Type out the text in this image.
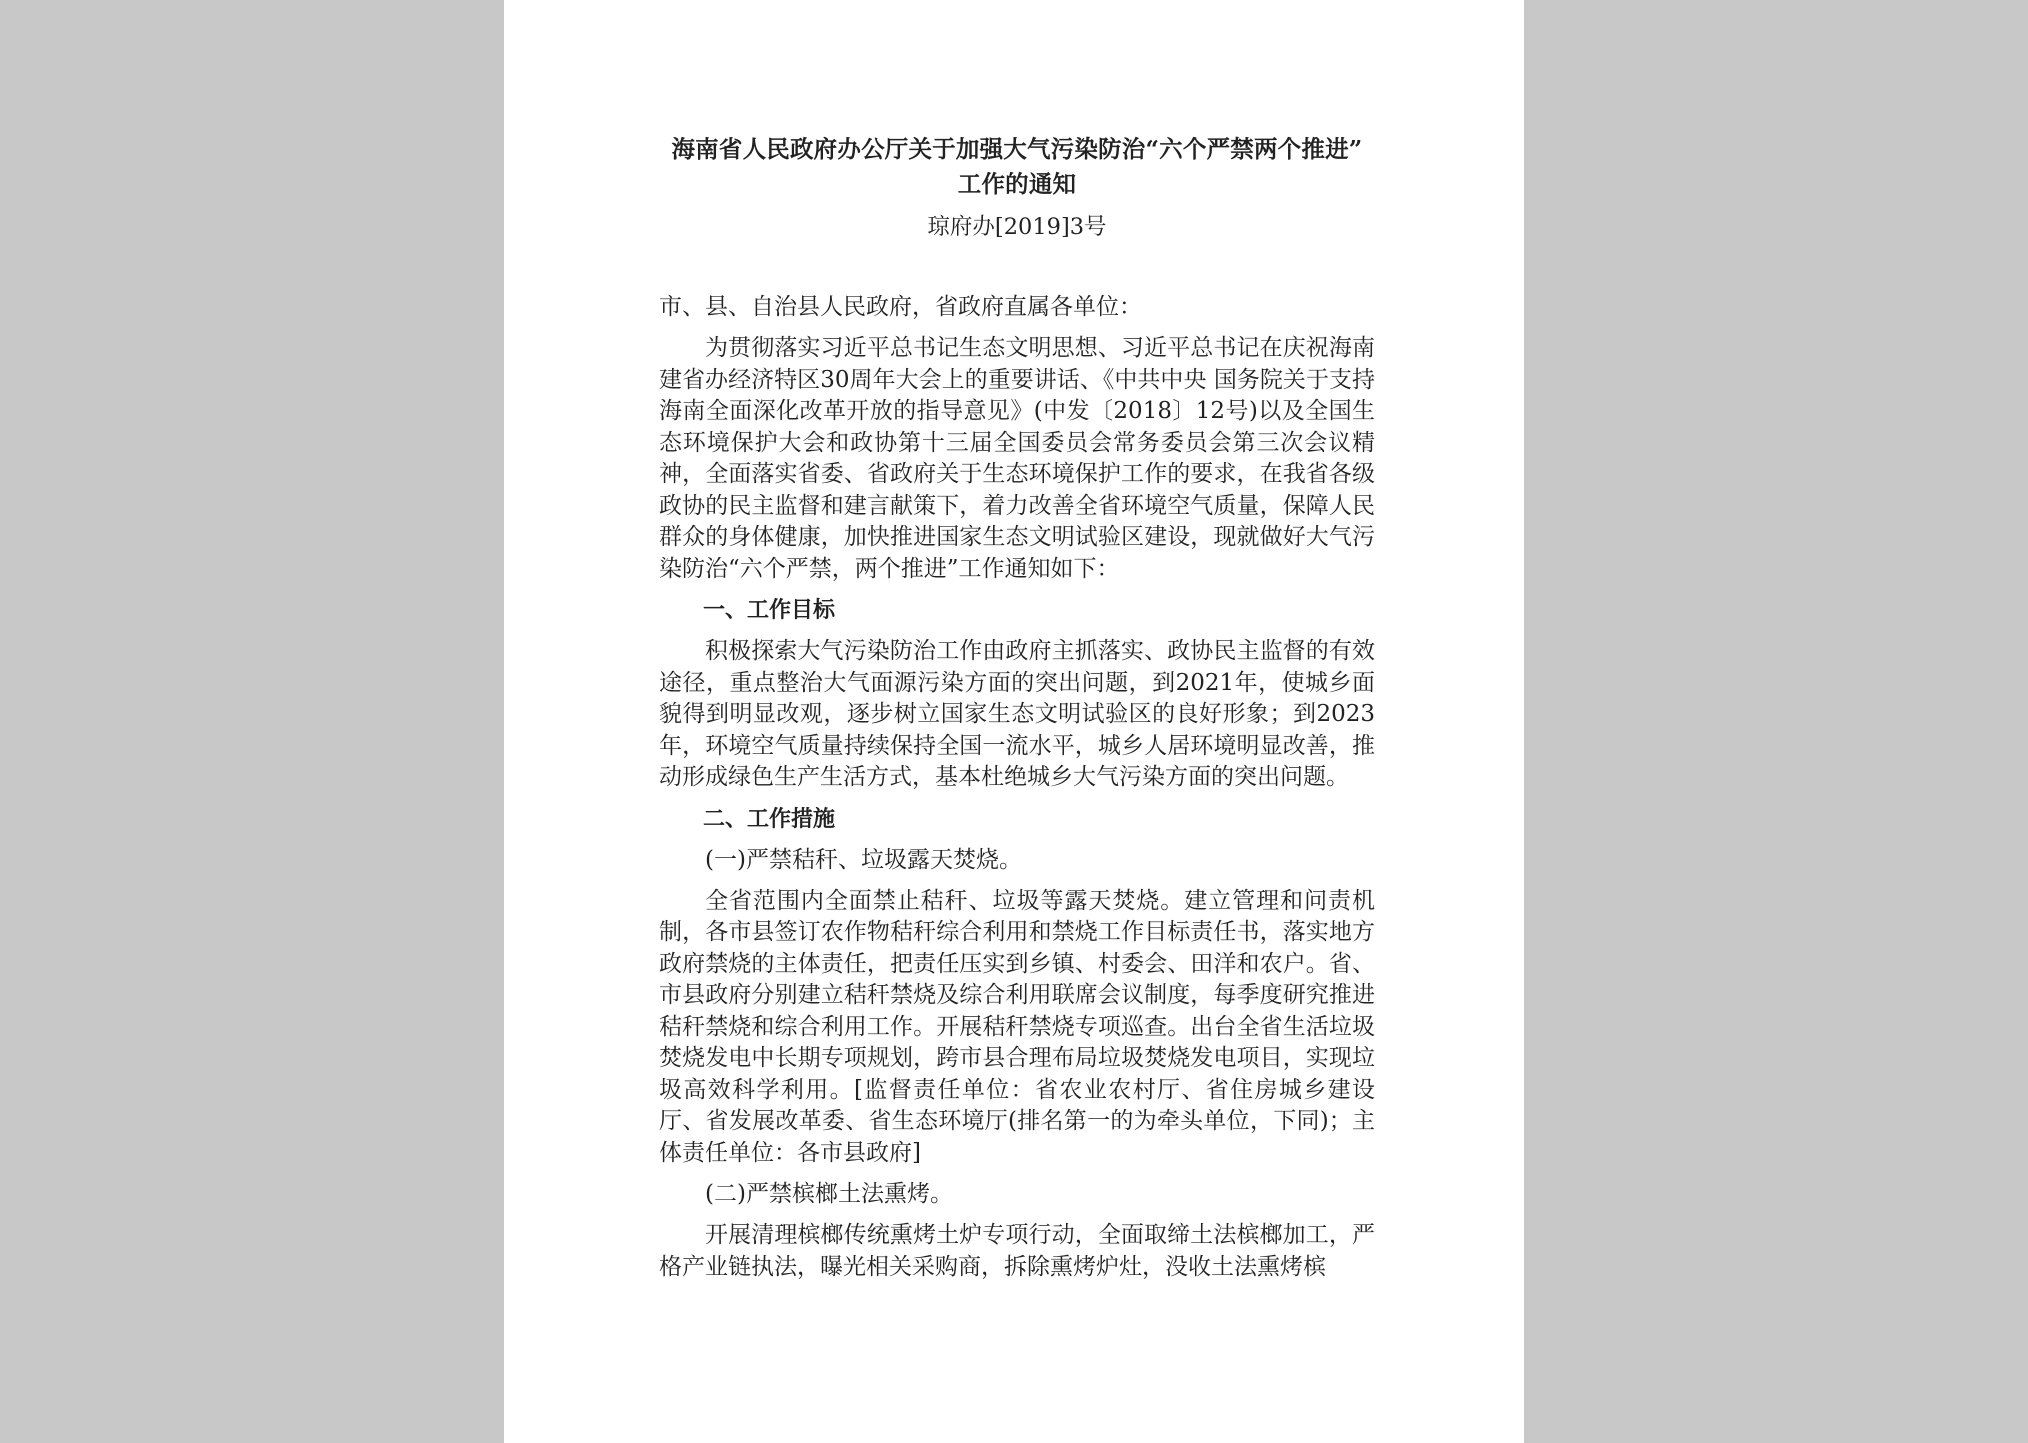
海南省人民政府办公厅关于加强大气污染防治“六个严禁两个推进”
工作的通知
琼府办[2019]3号
市、县、自治县人民政府，省政府直属各单位：

为贯彻落实习近平总书记生态文明思想、习近平总书记在庆祝海南建省办经济特区30周年大会上的重要讲话、《中共中央 国务院关于支持海南全面深化改革开放的指导意见》(中发〔2018〕12号)以及全国生态环境保护大会和政协第十三届全国委员会常务委员会第三次会议精神，全面落实省委、省政府关于生态环境保护工作的要求，在我省各级政协的民主监督和建言献策下，着力改善全省环境空气质量，保障人民群众的身体健康，加快推进国家生态文明试验区建设，现就做好大气污染防治“六个严禁，两个推进”工作通知如下：

一、工作目标

积极探索大气污染防治工作由政府主抓落实、政协民主监督的有效途径，重点整治大气面源污染方面的突出问题，到2021年，使城乡面貌得到明显改观，逐步树立国家生态文明试验区的良好形象；到2023年，环境空气质量持续保持全国一流水平，城乡人居环境明显改善，推动形成绿色生产生活方式，基本杜绝城乡大气污染方面的突出问题。

二、工作措施
(一)严禁秸秆、垃圾露天焚烧。

全省范围内全面禁止秸秆、垃圾等露天焚烧。建立管理和问责机制，各市县签订农作物秸秆综合利用和禁烧工作目标责任书，落实地方政府禁烧的主体责任，把责任压实到乡镇、村委会、田洋和农户。省、市县政府分别建立秸秆禁烧及综合利用联席会议制度，每季度研究推进秸秆禁烧和综合利用工作。开展秸秆禁烧专项巡查。出台全省生活垃圾焚烧发电中长期专项规划，跨市县合理布局垃圾焚烧发电项目，实现垃圾高效科学利用。[监督责任单位：省农业农村厅、省住房城乡建设厅、省发展改革委、省生态环境厅(排名第一的为牵头单位，下同)；主体责任单位：各市县政府]

(二)严禁槟榔土法熏烤。

开展清理槟榔传统熏烤土炉专项行动，全面取缔土法槟榔加工，严格产业链执法，曝光相关采购商，拆除熏烤炉灶，没收土法熏烤槟
